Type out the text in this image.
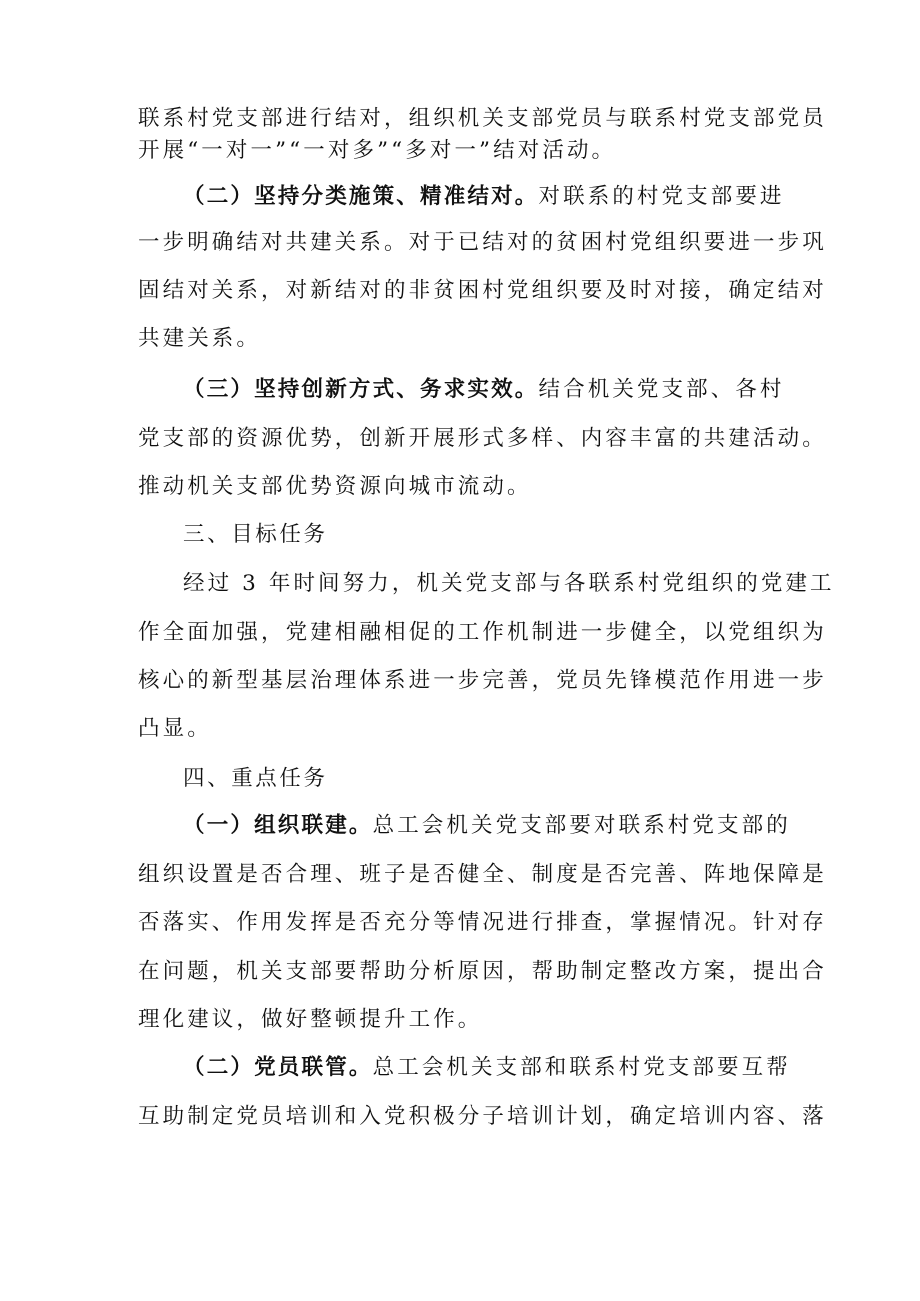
联系村党支部进行结对，组织机关支部党员与联系村党支部党员
开展“一对一”“一对多”“多对一”结对活动。
（二）坚持分类施策、精准结对。对联系的村党支部要进
一步明确结对共建关系。对于已结对的贫困村党组织要进一步巩
固结对关系，对新结对的非贫困村党组织要及时对接，确定结对
共建关系。
（三）坚持创新方式、务求实效。结合机关党支部、各村
党支部的资源优势，创新开展形式多样、内容丰富的共建活动。
推动机关支部优势资源向城市流动。
三、目标任务
经过 3 年时间努力，机关党支部与各联系村党组织的党建工
作全面加强，党建相融相促的工作机制进一步健全，以党组织为
核心的新型基层治理体系进一步完善，党员先锋模范作用进一步
凸显。
四、重点任务
（一）组织联建。总工会机关党支部要对联系村党支部的
组织设置是否合理、班子是否健全、制度是否完善、阵地保障是
否落实、作用发挥是否充分等情况进行排查，掌握情况。针对存
在问题，机关支部要帮助分析原因，帮助制定整改方案，提出合
理化建议，做好整顿提升工作。
（二）党员联管。总工会机关支部和联系村党支部要互帮
互助制定党员培训和入党积极分子培训计划，确定培训内容、落
